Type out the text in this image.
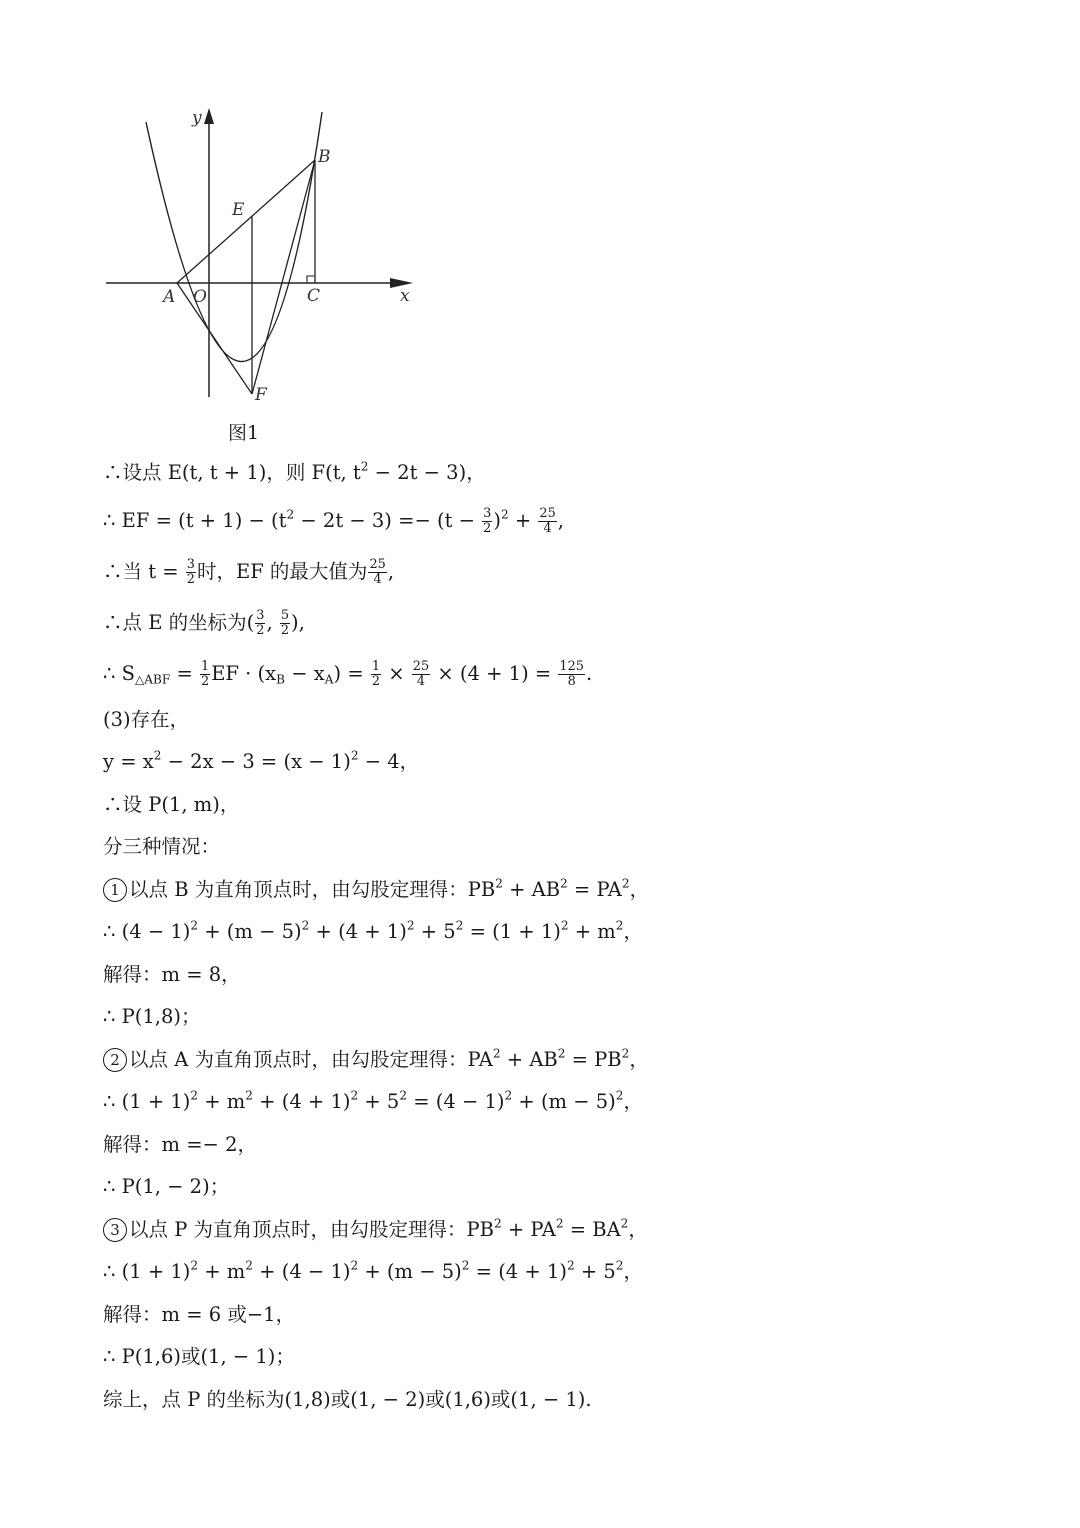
y
x
A O
B
C
E
F
图1
∴设点 E(t, t + 1)，则 F(t, $t^2 - 2t - 3$)，
∴ EF = $(t + 1) - (t^2 - 2t - 3) =- (t - \frac{3}{2} )^2 + \frac{25}{4}$ ,
∴当 $t = \frac{3}{2}$ 时，EF 的最大值为 $\frac{25}{4}$ ,
∴点 E 的坐标为( $\frac{3}{2}$ , $\frac{5}{2}$ ),
∴ $S_{\triangle ABF} = \frac{1}{2}$ EF · $(x_B - x_A) = \frac{1}{2} \times \frac{25}{4} \times (4 + 1) = \frac{125}{8}$ .
(3)存在，
$y = x^2 - 2x - 3 = (x - 1)^2 - 4$，
∴设 P(1, m)，
分三种情况：
1 以点 B 为直角顶点时，由勾股定理得：$PB^2 + AB^2 = PA^2$，
∴ $(4 - 1)^2 + (m - 5)^2 + (4 + 1)^2 + 5^2 = (1 + 1)^2 + m^2$，
解得：m = 8，
∴ P(1,8)；
2 以点 A 为直角顶点时，由勾股定理得：$PA^2 + AB^2 = PB^2$，
∴ $(1 + 1)^2 + m^2 + (4 + 1)^2 + 5^2 = (4 - 1)^2 + (m - 5)^2$，
解得：m =− 2，
∴ P(1, − 2)；
3 以点 P 为直角顶点时，由勾股定理得：$PB^2 + PA^2 = BA^2$，
∴ $(1 + 1)^2 + m^2 + (4 - 1)^2 + (m - 5)^2 = (4 + 1)^2 + 5^2$，
解得：m = 6 或−1，
∴ P(1,6)或(1, − 1)；
综上，点 P 的坐标为(1,8)或(1, − 2)或(1,6)或(1, − 1).
